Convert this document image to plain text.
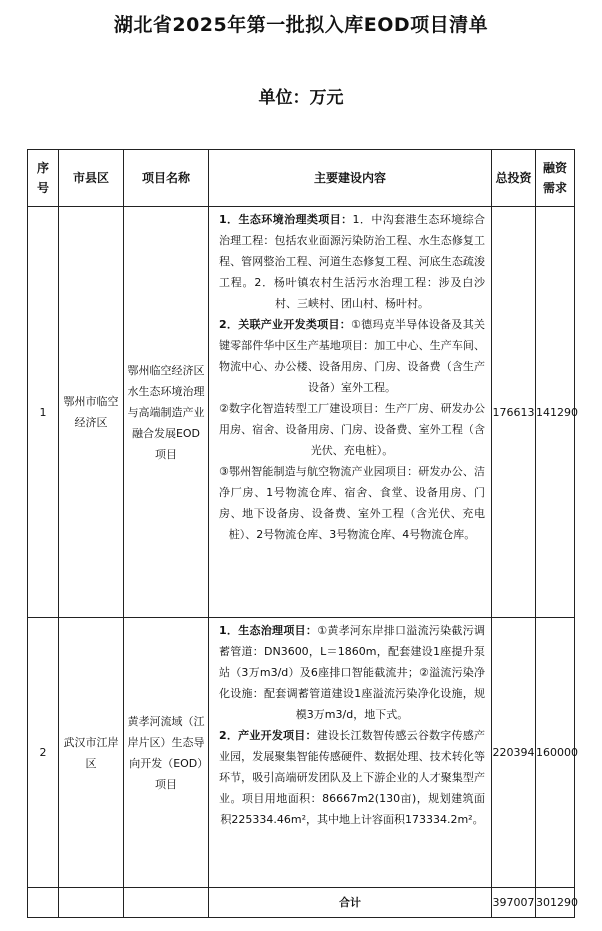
湖北省2025年第一批拟入库EOD项目清单
单位：万元
序号	市县区	项目名称	主要建设内容	总投资	融资需求
1	鄂州市临空经济区	鄂州临空经济区水生态环境治理与高端制造产业融合发展EOD项目	1．生态环境治理类项目：1．中沟套港生态环境综合治理工程：包括农业面源污染防治工程、水生态修复工程、管网整治工程、河道生态修复工程、河底生态疏浚工程。2．杨叶镇农村生活污水治理工程：涉及白沙村、三峡村、团山村、杨叶村。

2．关联产业开发类项目：①德玛克半导体设备及其关键零部件华中区生产基地项目：加工中心、生产车间、物流中心、办公楼、设备用房、门房、设备费（含生产设备）室外工程。

②数字化智造转型工厂建设项目：生产厂房、研发办公用房、宿舍、设备用房、门房、设备费、室外工程（含光伏、充电桩）。

③鄂州智能制造与航空物流产业园项目：研发办公、洁净厂房、1号物流仓库、宿舍、食堂、设备用房、门房、地下设备房、设备费、室外工程（含光伏、充电桩）、2号物流仓库、3号物流仓库、4号物流仓库。	176613	141290
2	武汉市江岸区	黄孝河流域（江岸片区）生态导向开发（EOD）项目	1．生态治理项目：①黄孝河东岸排口溢流污染截污调蓄管道：DN3600，L＝1860m，配套建设1座提升泵站（3万m3/d）及6座排口智能截流井；②溢流污染净化设施：配套调蓄管道建设1座溢流污染净化设施，规模3万m3/d，地下式。

2．产业开发项目：建设长江数智传感云谷数字传感产业园，发展聚集智能传感硬件、数据处理、技术转化等环节，吸引高端研发团队及上下游企业的人才聚集型产业。项目用地面积：86667m2(130亩)，规划建筑面积225334.46m²，其中地上计容面积173334.2m²。	220394	160000
			合计	397007	301290
